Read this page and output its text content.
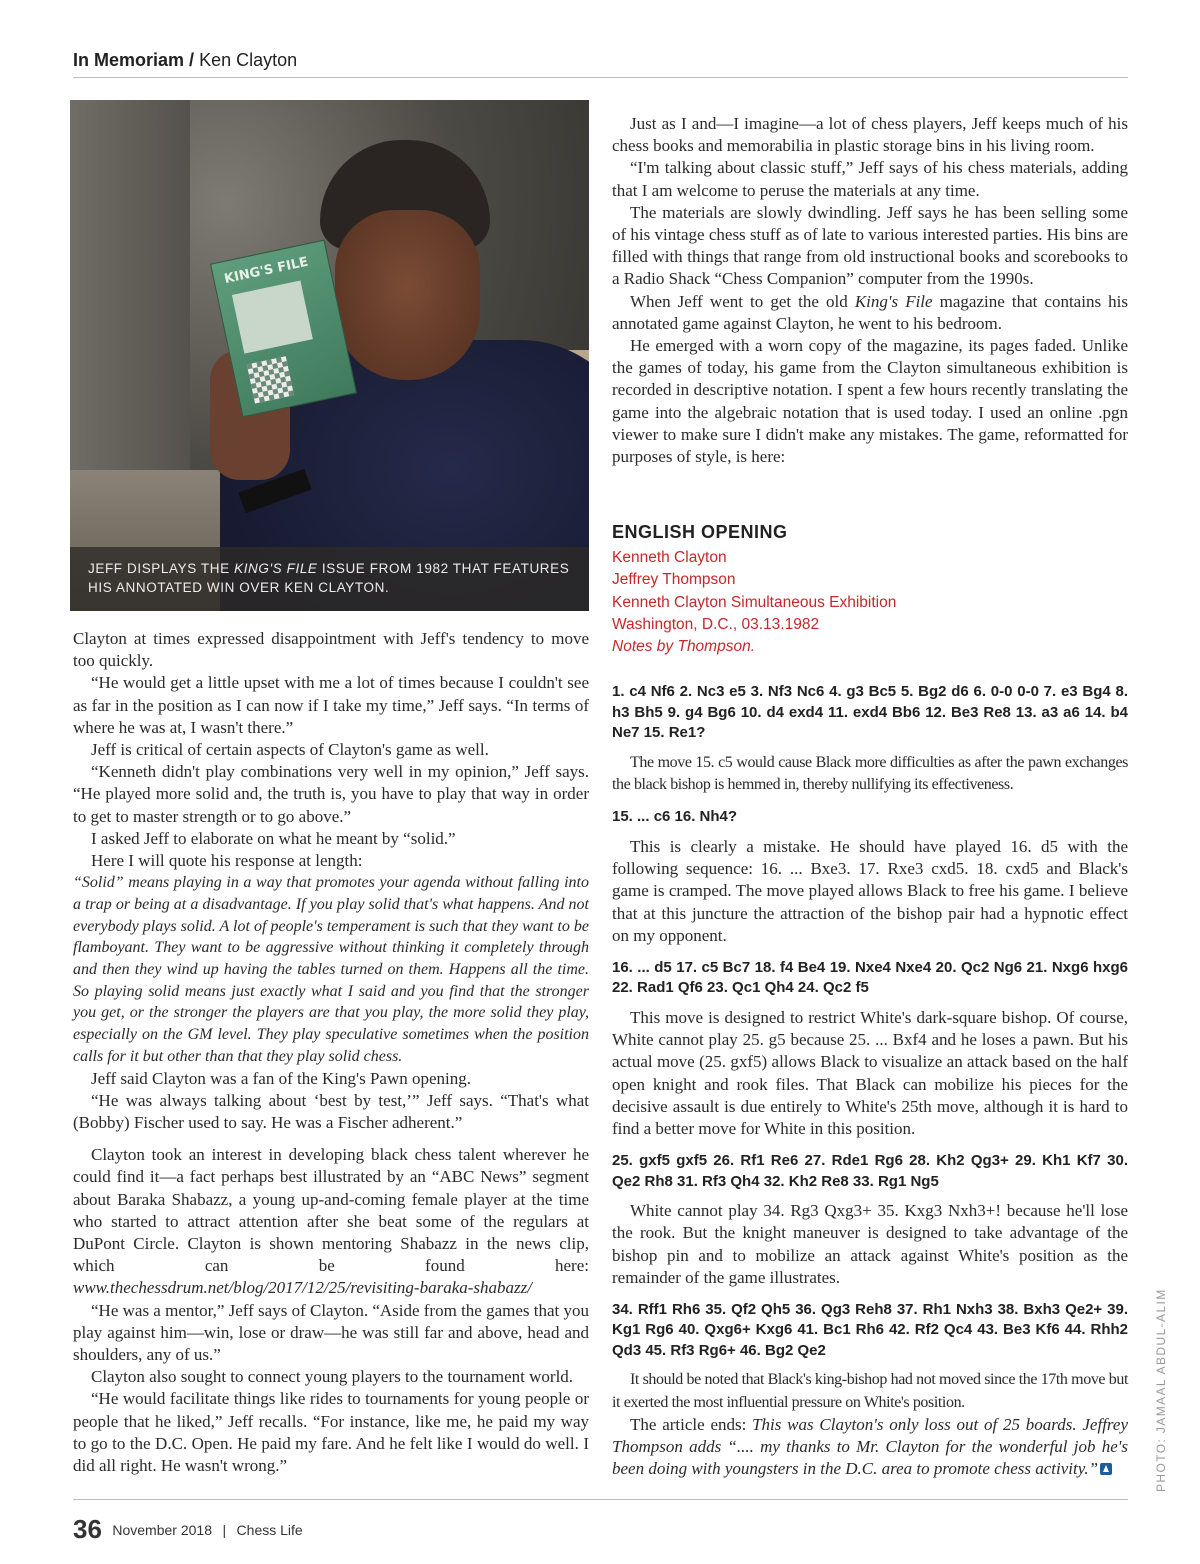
In Memoriam / Ken Clayton
KING'S FILE
JEFF DISPLAYS THE KING'S FILE ISSUE FROM 1982 THAT FEATURES HIS ANNOTATED WIN OVER KEN CLAYTON.

Clayton at times expressed disappointment with Jeff's tendency to move too quickly.

“He would get a little upset with me a lot of times because I couldn't see as far in the position as I can now if I take my time,” Jeff says. “In terms of where he was at, I wasn't there.”

Jeff is critical of certain aspects of Clayton's game as well.

“Kenneth didn't play combinations very well in my opinion,” Jeff says. “He played more solid and, the truth is, you have to play that way in order to get to master strength or to go above.”

I asked Jeff to elaborate on what he meant by “solid.”

Here I will quote his response at length:

“Solid” means playing in a way that promotes your agenda without falling into a trap or being at a disadvantage. If you play solid that's what happens. And not everybody plays solid. A lot of people's temperament is such that they want to be flamboyant. They want to be aggressive without thinking it completely through and then they wind up having the tables turned on them. Happens all the time. So playing solid means just exactly what I said and you find that the stronger you get, or the stronger the players are that you play, the more solid they play, especially on the GM level. They play speculative sometimes when the position calls for it but other than that they play solid chess.

Jeff said Clayton was a fan of the King's Pawn opening.

“He was always talking about ‘best by test,’” Jeff says. “That's what (Bobby) Fischer used to say. He was a Fischer adherent.”

Clayton took an interest in developing black chess talent wherever he could find it—a fact perhaps best illustrated by an “ABC News” segment about Baraka Shabazz, a young up-and-coming female player at the time who started to attract attention after she beat some of the regulars at DuPont Circle. Clayton is shown mentoring Shabazz in the news clip, which can be found here: www.thechessdrum.net/blog/2017/12/25/revisiting-baraka-shabazz/

“He was a mentor,” Jeff says of Clayton. “Aside from the games that you play against him—win, lose or draw—he was still far and above, head and shoulders, any of us.”

Clayton also sought to connect young players to the tournament world.

“He would facilitate things like rides to tournaments for young people or people that he liked,” Jeff recalls. “For instance, like me, he paid my way to go to the D.C. Open. He paid my fare. And he felt like I would do well. I did all right. He wasn't wrong.”

Just as I and—I imagine—a lot of chess players, Jeff keeps much of his chess books and memorabilia in plastic storage bins in his living room.

“I'm talking about classic stuff,” Jeff says of his chess materials, adding that I am welcome to peruse the materials at any time.

The materials are slowly dwindling. Jeff says he has been selling some of his vintage chess stuff as of late to various interested parties. His bins are filled with things that range from old instructional books and scorebooks to a Radio Shack “Chess Companion” computer from the 1990s.

When Jeff went to get the old King's File magazine that contains his annotated game against Clayton, he went to his bedroom.

He emerged with a worn copy of the magazine, its pages faded. Unlike the games of today, his game from the Clayton simultaneous exhibition is recorded in descriptive notation. I spent a few hours recently translating the game into the algebraic notation that is used today. I used an online .pgn viewer to make sure I didn't make any mistakes. The game, reformatted for purposes of style, is here:

ENGLISH OPENING
Kenneth Clayton
Jeffrey Thompson
Kenneth Clayton Simultaneous Exhibition
Washington, D.C., 03.13.1982
Notes by Thompson.

1. c4 Nf6 2. Nc3 e5 3. Nf3 Nc6 4. g3 Bc5 5. Bg2 d6 6. 0-0 0-0 7. e3 Bg4 8. h3 Bh5 9. g4 Bg6 10. d4 exd4 11. exd4 Bb6 12. Be3 Re8 13. a3 a6 14. b4 Ne7 15. Re1?

The move 15. c5 would cause Black more difficulties as after the pawn exchanges the black bishop is hemmed in, thereby nullifying its effectiveness.

15. ... c6 16. Nh4?

This is clearly a mistake. He should have played 16. d5 with the following sequence: 16. ... Bxe3. 17. Rxe3 cxd5. 18. cxd5 and Black's game is cramped. The move played allows Black to free his game. I believe that at this juncture the attraction of the bishop pair had a hypnotic effect on my opponent.

16. ... d5 17. c5 Bc7 18. f4 Be4 19. Nxe4 Nxe4 20. Qc2 Ng6 21. Nxg6 hxg6 22. Rad1 Qf6 23. Qc1 Qh4 24. Qc2 f5

This move is designed to restrict White's dark-square bishop. Of course, White cannot play 25. g5 because 25. ... Bxf4 and he loses a pawn. But his actual move (25. gxf5) allows Black to visualize an attack based on the half open knight and rook files. That Black can mobilize his pieces for the decisive assault is due entirely to White's 25th move, although it is hard to find a better move for White in this position.

25. gxf5 gxf5 26. Rf1 Re6 27. Rde1 Rg6 28. Kh2 Qg3+ 29. Kh1 Kf7 30. Qe2 Rh8 31. Rf3 Qh4 32. Kh2 Re8 33. Rg1 Ng5

White cannot play 34. Rg3 Qxg3+ 35. Kxg3 Nxh3+! because he'll lose the rook. But the knight maneuver is designed to take advantage of the bishop pin and to mobilize an attack against White's position as the remainder of the game illustrates.

34. Rff1 Rh6 35. Qf2 Qh5 36. Qg3 Reh8 37. Rh1 Nxh3 38. Bxh3 Qe2+ 39. Kg1 Rg6 40. Qxg6+ Kxg6 41. Bc1 Rh6 42. Rf2 Qc4 43. Be3 Kf6 44. Rhh2 Qd3 45. Rf3 Rg6+ 46. Bg2 Qe2

It should be noted that Black's king-bishop had not moved since the 17th move but it exerted the most influential pressure on White's position.

The article ends: This was Clayton's only loss out of 25 boards. Jeffrey Thompson adds “.... my thanks to Mr. Clayton for the wonderful job he's been doing with youngsters in the D.C. area to promote chess activity.”	PHOTO: JAMAAL ABDUL-ALIM
36 November 2018 | Chess Life
